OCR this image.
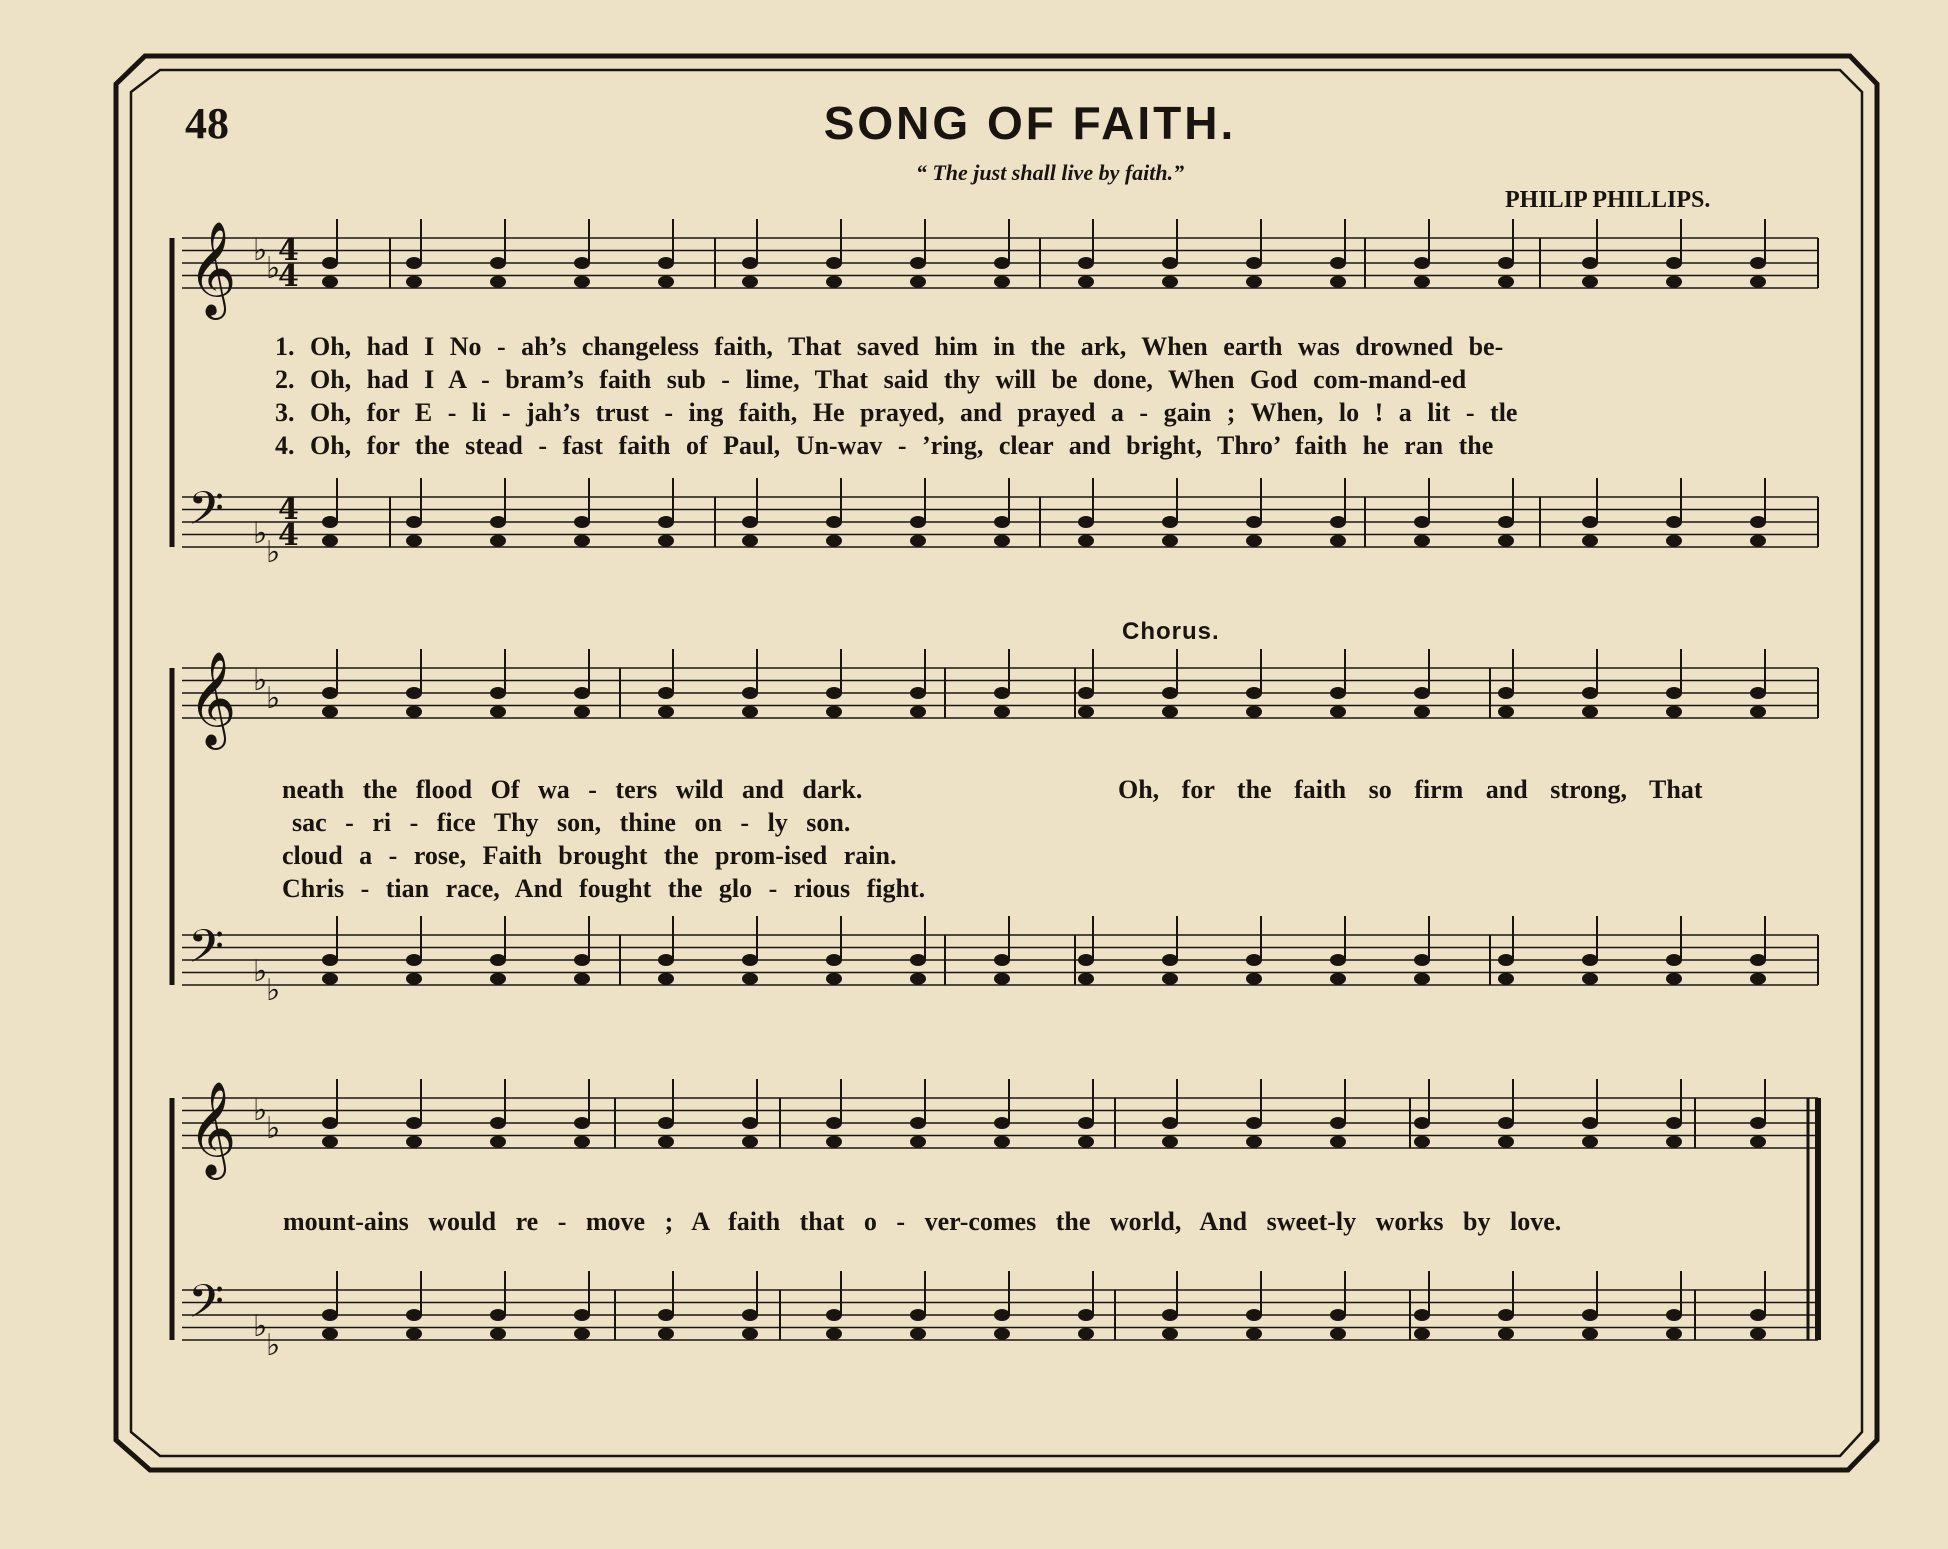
𝄞 ♭
♭
𝄢 ♭
♭
𝄞 ♭
♭
𝄢 ♭
♭
𝄞 ♭
♭
𝄢 ♭
♭
4
4
4
4
48	SONG OF FAITH.
“ The just shall live by faith.”
PHILIP PHILLIPS.
Chorus.
1. Oh, had I No - ah’s changeless faith, That saved him in the ark, When earth was drowned be-
2. Oh, had I A - bram’s faith sub - lime, That said thy will be done, When God com-mand-ed
3. Oh, for E - li - jah’s trust - ing faith, He prayed, and prayed a - gain ; When, lo ! a lit - tle
4. Oh, for the stead - fast faith of Paul, Un-wav - ’ring, clear and bright, Thro’ faith he ran the
neath the flood Of wa - ters wild and dark.
sac - ri - fice Thy son, thine on - ly son.
cloud a - rose, Faith brought the prom-ised rain.
Chris - tian race, And fought the glo - rious fight.
Oh, for the faith so firm and strong, That
mount-ains would re - move ; A faith that o - ver-comes the world, And sweet-ly works by love.
